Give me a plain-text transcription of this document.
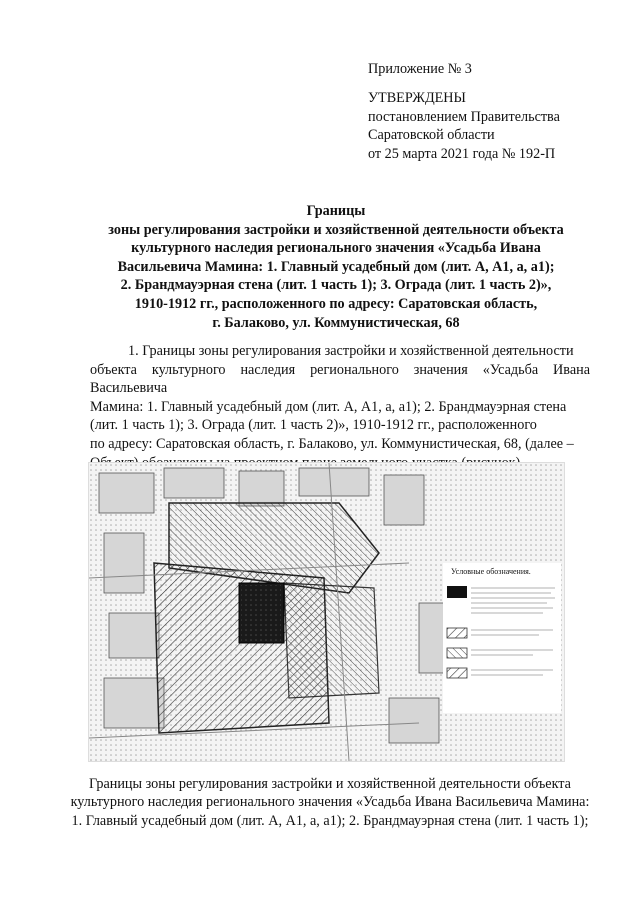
Приложение № 3
УТВЕРЖДЕНЫ
постановлением Правительства
Саратовской области
от 25 марта 2021 года № 192-П
Границы
зоны регулирования застройки и хозяйственной деятельности объекта
культурного наследия регионального значения «Усадьба Ивана
Васильевича Мамина: 1. Главный усадебный дом (лит. А, А1, а, а1);
2. Брандмауэрная стена (лит. 1 часть 1); 3. Ограда (лит. 1 часть 2)»,
1910-1912 гг., расположенного по адресу: Саратовская область,
г. Балаково, ул. Коммунистическая, 68
1. Границы зоны регулирования застройки и хозяйственной деятельности
объекта культурного наследия регионального значения «Усадьба Ивана Васильевича
Мамина: 1. Главный усадебный дом (лит. А, А1, а, а1); 2. Брандмауэрная стена
(лит. 1 часть 1); 3. Ограда (лит. 1 часть 2)», 1910-1912 гг., расположенного
по адресу: Саратовская область, г. Балаково, ул. Коммунистическая, 68, (далее –
Условные обозначения.
Границы зоны регулирования застройки и хозяйственной деятельности объекта
культурного наследия регионального значения «Усадьба Ивана Васильевича Мамина:
1. Главный усадебный дом (лит. А, А1, а, а1); 2. Брандмауэрная стена (лит. 1 часть 1);
